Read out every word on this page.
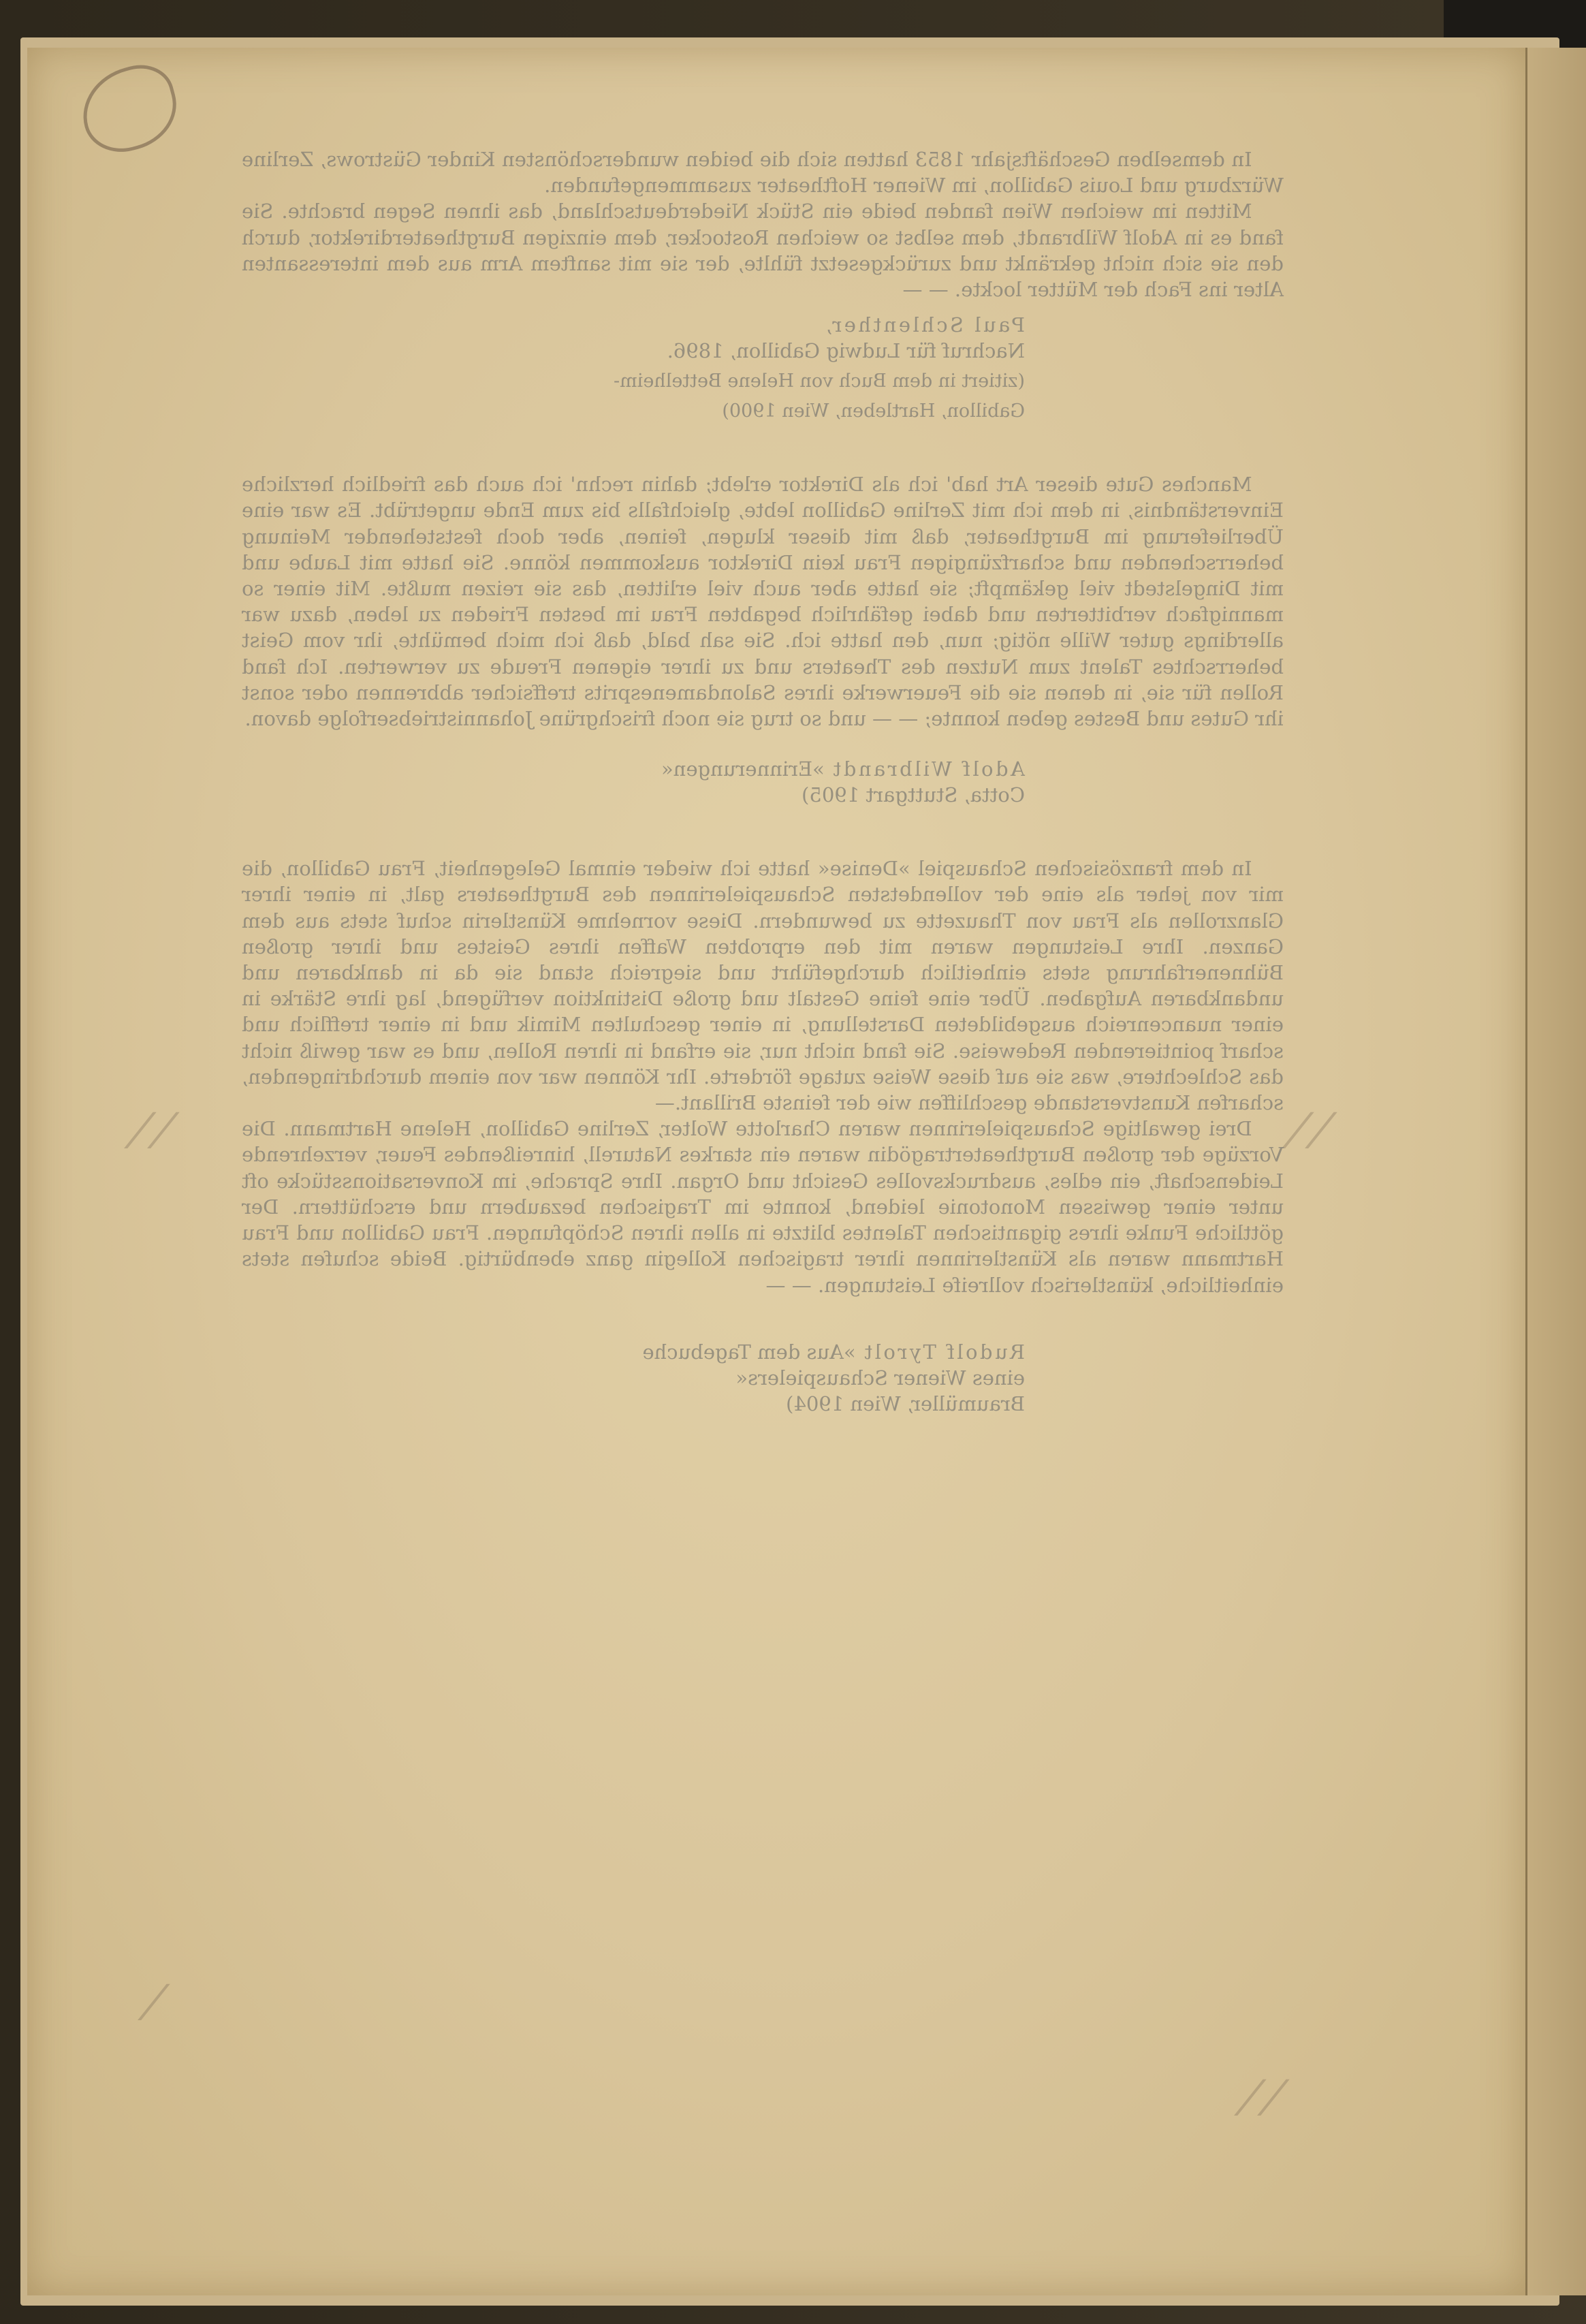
⁄ ⁄	⁄ ⁄
⁄ ⁄
⁄

In demselben Geschäftsjahr 1853 hatten sich die beiden wunderschönsten Kinder Güstrows, Zerline Würzburg und Louis Gabillon, im Wiener Hoftheater zusammengefunden.

Mitten im weichen Wien fanden beide ein Stück Niederdeutschland, das ihnen Segen brachte. Sie fand es in Adolf Wilbrandt, dem selbst so weichen Rostocker, dem einzigen Burgtheaterdirektor, durch den sie sich nicht gekränkt und zurückgesetzt fühlte, der sie mit sanftem Arm aus dem interessanten Alter ins Fach der Mütter lockte. — —

Paul Schlenther,
Nachruf für Ludwig Gabillon, 1896.
(zitiert in dem Buch von Helene Bettelheim-
Gabillon, Hartleben, Wien 1900)

Manches Gute dieser Art hab' ich als Direktor erlebt; dahin rechn' ich auch das friedlich herzliche Einverständnis, in dem ich mit Zerline Gabillon lebte, gleichfalls bis zum Ende ungetrübt. Es war eine Überlieferung im Burgtheater, daß mit dieser klugen, feinen, aber doch feststehender Meinung beherrschenden und scharfzüngigen Frau kein Direktor auskommen könne. Sie hatte mit Laube und mit Dingelstedt viel gekämpft; sie hatte aber auch viel erlitten, das sie reizen mußte. Mit einer so mannigfach verbitterten und dabei gefährlich begabten Frau im besten Frieden zu leben, dazu war allerdings guter Wille nötig; nun, den hatte ich. Sie sah bald, daß ich mich bemühte, ihr vom Geist beherrschtes Talent zum Nutzen des Theaters und zu ihrer eigenen Freude zu verwerten. Ich fand Rollen für sie, in denen sie die Feuerwerke ihres Salondamenesprits treffsicher abbrennen oder sonst ihr Gutes und Bestes geben konnte; — — und so trug sie noch frischgrüne Johannistriebserfolge davon.

Adolf Wilbrandt »Erinnerungen«
Cotta, Stuttgart 1905)

In dem französischen Schauspiel »Denise« hatte ich wieder einmal Gelegenheit, Frau Gabillon, die mir von jeher als eine der vollendetsten Schauspielerinnen des Burgtheaters galt, in einer ihrer Glanzrollen als Frau von Thauzette zu bewundern. Diese vornehme Künstlerin schuf stets aus dem Ganzen. Ihre Leistungen waren mit den erprobten Waffen ihres Geistes und ihrer großen Bühnenerfahrung stets einheitlich durchgeführt und siegreich stand sie da in dankbaren und undankbaren Aufgaben. Über eine feine Gestalt und große Distinktion verfügend, lag ihre Stärke in einer nuancenreich ausgebildeten Darstellung, in einer geschulten Mimik und in einer trefflich und scharf pointierenden Redeweise. Sie fand nicht nur, sie erfand in ihren Rollen, und es war gewiß nicht das Schlechtere, was sie auf diese Weise zutage förderte. Ihr Können war von einem durchdringenden, scharfen Kunstverstande geschliffen wie der feinste Brillant.—

Drei gewaltige Schauspielerinnen waren Charlotte Wolter, Zerline Gabillon, Helene Hartmann. Die Vorzüge der großen Burgtheatertragödin waren ein starkes Naturell, hinreißendes Feuer, verzehrende Leidenschaft, ein edles, ausdrucksvolles Gesicht und Organ. Ihre Sprache, im Konversationsstücke oft unter einer gewissen Monotonie leidend, konnte im Tragischen bezaubern und erschüttern. Der göttliche Funke ihres gigantischen Talentes blitzte in allen ihren Schöpfungen. Frau Gabillon und Frau Hartmann waren als Künstlerinnen ihrer tragischen Kollegin ganz ebenbürtig. Beide schufen stets einheitliche, künstlerisch vollreife Leistungen. — —

Rudolf Tyrolt »Aus dem Tagebuche
eines Wiener Schauspielers«
Braumüller, Wien 1904)
